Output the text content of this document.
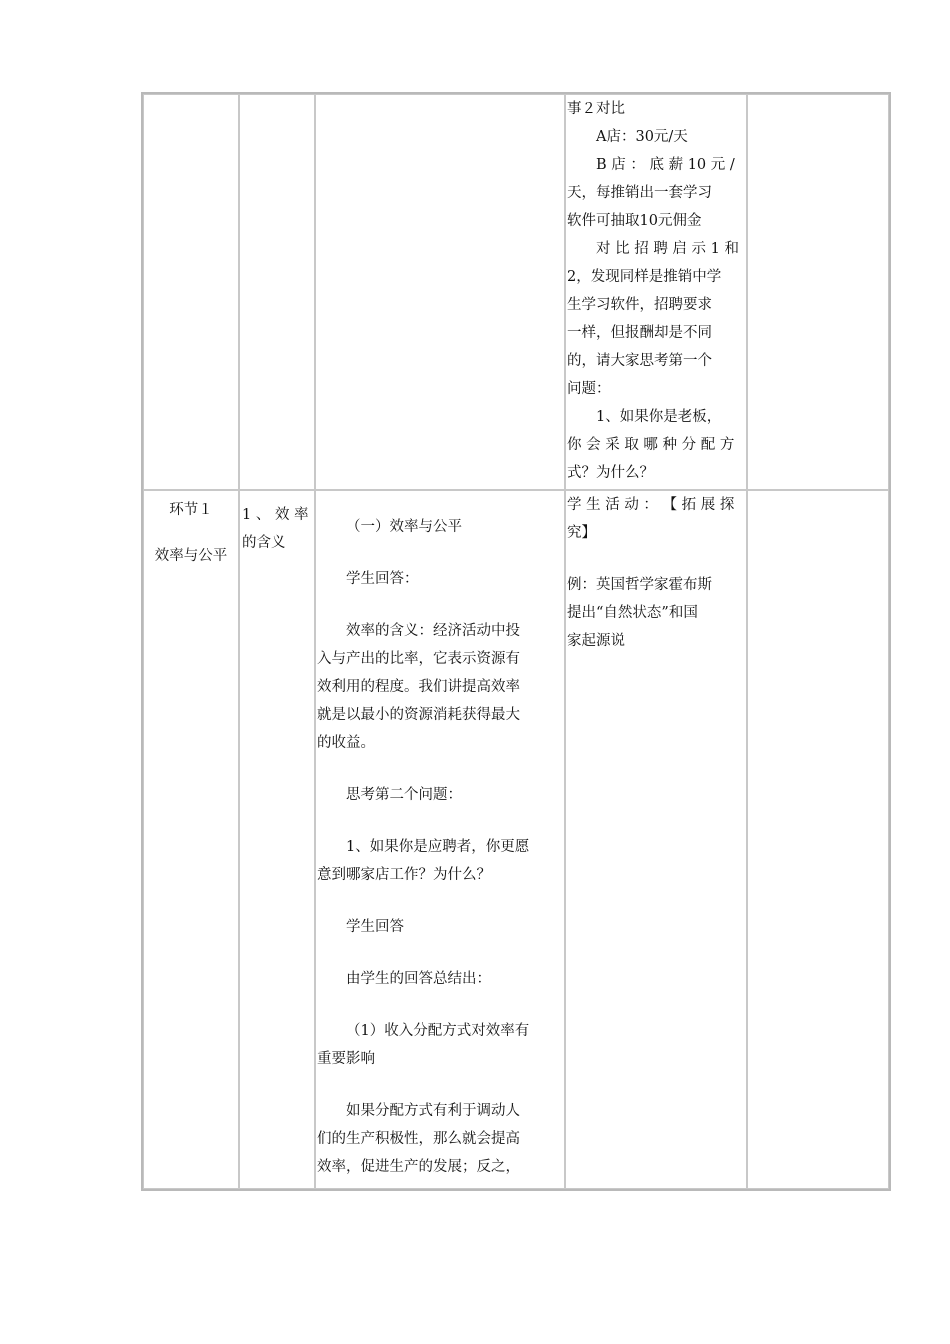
事２对比

A店：30元/天

B 店 ： 底 薪 10 元 /

天，每推销出一套学习

软件可抽取10元佣金

对 比 招 聘 启 示 1 和

2，发现同样是推销中学

生学习软件，招聘要求

一样，但报酬却是不同

的，请大家思考第一个

问题：

1、如果你是老板，

你 会 采 取 哪 种 分 配 方

式？为什么？

环节１

效率与公平

1 、 效 率

的含义

（一）效率与公平

学生回答：

效率的含义：经济活动中投

入与产出的比率，它表示资源有

效利用的程度。我们讲提高效率

就是以最小的资源消耗获得最大

的收益。

思考第二个问题：

1、如果你是应聘者，你更愿

意到哪家店工作？为什么？

学生回答

由学生的回答总结出：

（1）收入分配方式对效率有

重要影响

如果分配方式有利于调动人

们的生产积极性，那么就会提高

效率，促进生产的发展；反之，

学 生 活 动 ： 【 拓 展 探

究】

例：英国哲学家霍布斯

提出“自然状态”和国

家起源说
